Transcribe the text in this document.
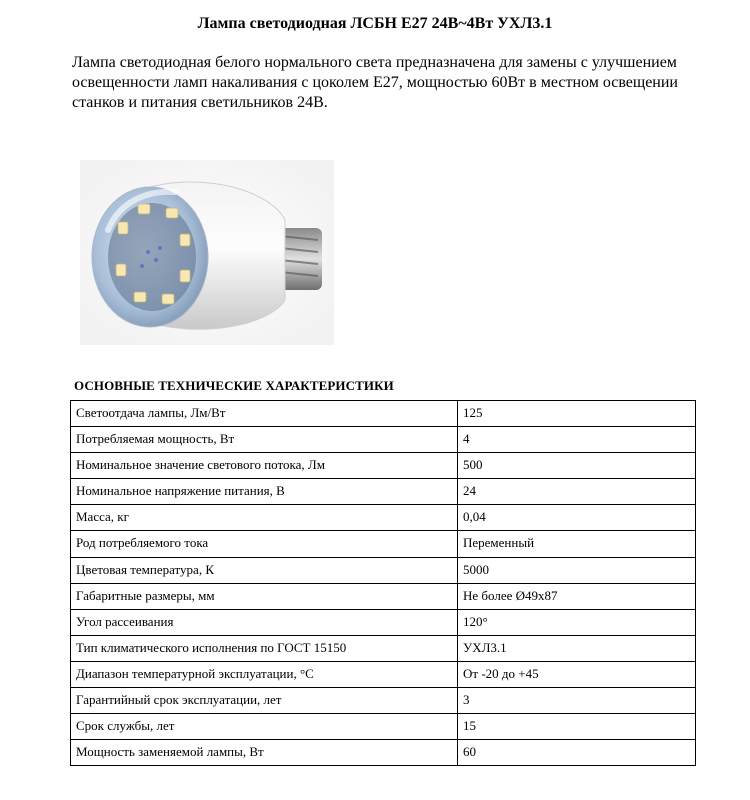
Лампа светодиодная ЛСБН Е27 24В~4Вт УХЛ3.1
Лампа светодиодная белого нормального света предназначена для замены с улучшением освещенности ламп накаливания с цоколем Е27, мощностью 60Вт в местном освещении станков и питания светильников 24В.
ОСНОВНЫЕ ТЕХНИЧЕСКИЕ ХАРАКТЕРИСТИКИ
Светоотдача лампы, Лм/Вт	125
Потребляемая мощность, Вт	4
Номинальное значение светового потока, Лм	500
Номинальное напряжение питания, В	24
Масса, кг	0,04
Род потребляемого тока	Переменный
Цветовая температура, К	5000
Габаритные размеры, мм	Не более Ø49х87
Угол рассеивания	120°
Тип климатического исполнения по ГОСТ 15150	УХЛ3.1
Диапазон температурной эксплуатации, °С	От -20 до +45
Гарантийный срок эксплуатации, лет	3
Срок службы, лет	15
Мощность заменяемой лампы, Вт	60
